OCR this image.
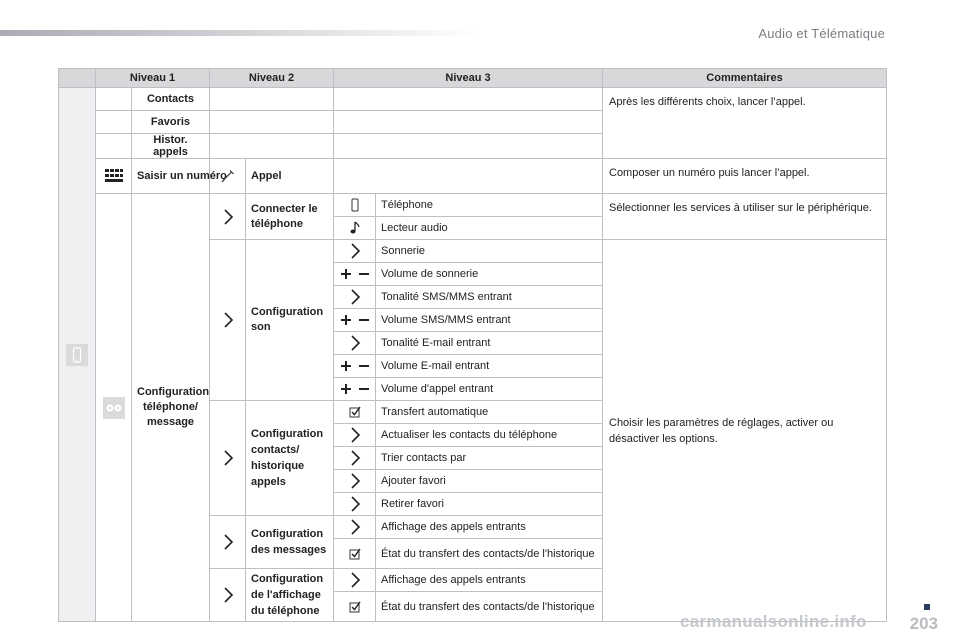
Audio et Télématique
	Niveau 1		Niveau 2		Niveau 3		Commentaires

		Contacts					Après les différents choix, lancer l’appel.
		Favoris					
		Histor. appels					

	Saisir un numéro		Appel			Composer un numéro puis lancer l’appel.

	Configuration téléphone/ message		Connecter le téléphone		Téléphone	Sélectionner les services à utiliser sur le périphérique.

	Lecteur audio	

	Configuration son		Sonnerie	Choisir les paramètres de réglages, activer ou désactiver les options.

	Volume de sonnerie	

	Tonalité SMS/MMS entrant	

	Volume SMS/MMS entrant	

	Tonalité E-mail entrant	

	Volume E-mail entrant	

	Volume d'appel entrant	

	Configuration contacts/ historique appels		Transfert automatique	

	Actualiser les contacts du téléphone	

	Trier contacts par	

	Ajouter favori	

	Retirer favori	

	Configuration des messages		Affichage des appels entrants	

	État du transfert des contacts/de l'historique	

	Configuration de l'affichage du téléphone		Affichage des appels entrants	

	État du transfert des contacts/de l'historique	
carmanualsonline.info	203
